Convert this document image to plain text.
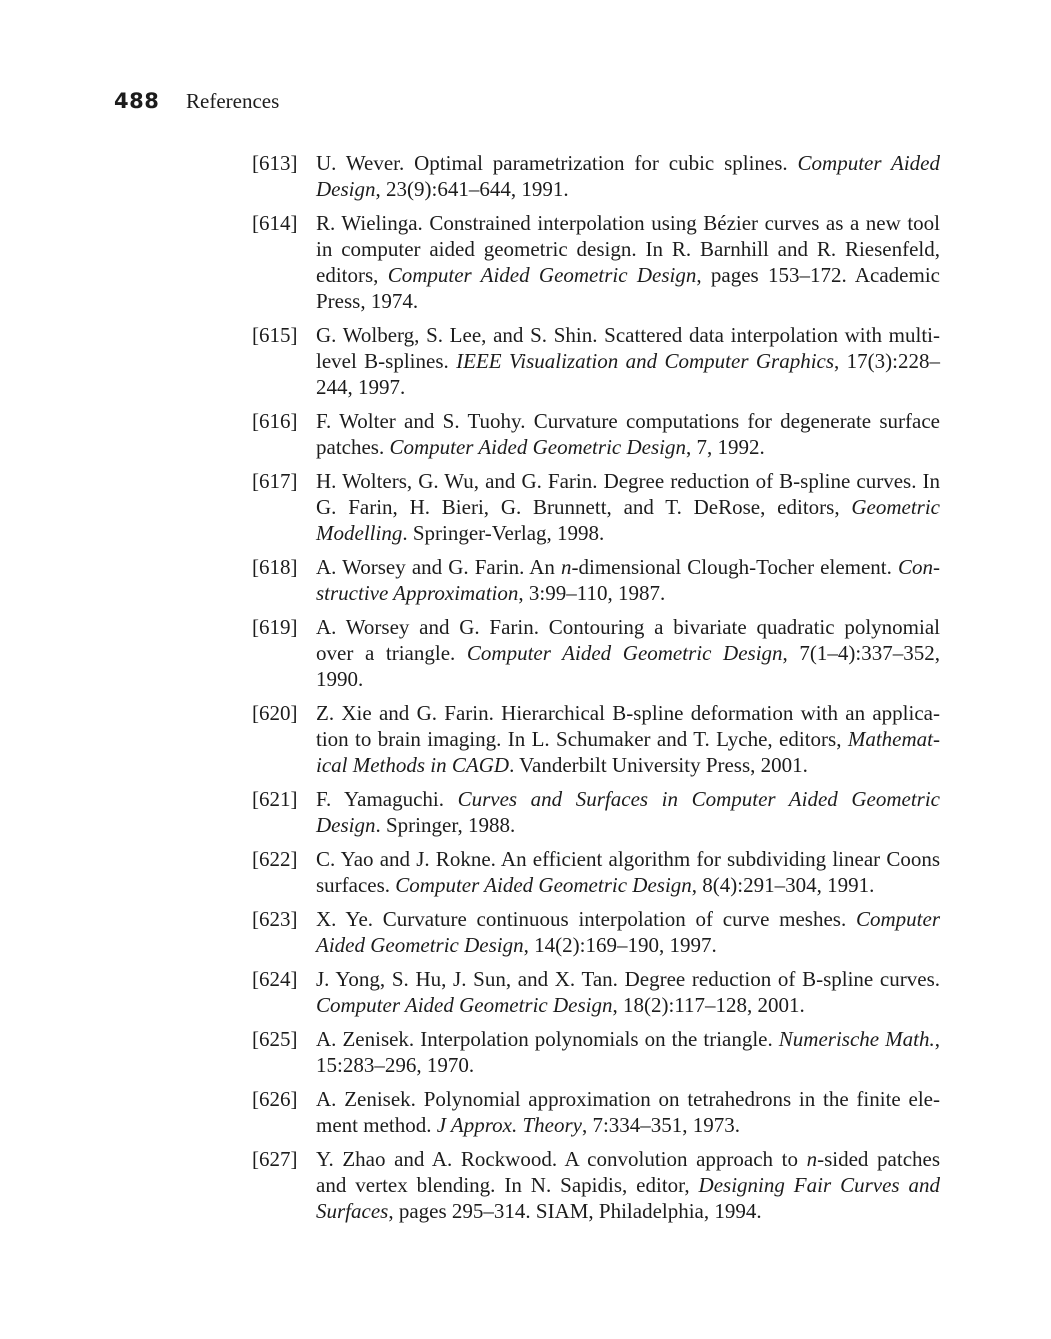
488	References
[613] U. Wever. Optimal parametrization for cubic splines. Computer Aided Design, 23(9):641–644, 1991.
[614] R. Wielinga. Constrained interpolation using Bézier curves as a new tool in computer aided geometric design. In R. Barnhill and R. Riesenfeld, editors, Computer Aided Geometric Design, pages 153–172. Academic Press, 1974.
[615] G. Wolberg, S. Lee, and S. Shin. Scattered data interpolation with multilevel B-splines. IEEE Visualization and Computer Graphics, 17(3):228–244, 1997.
[616] F. Wolter and S. Tuohy. Curvature computations for degenerate surface patches. Computer Aided Geometric Design, 7, 1992.
[617] H. Wolters, G. Wu, and G. Farin. Degree reduction of B-spline curves. In G. Farin, H. Bieri, G. Brunnett, and T. DeRose, editors, Geometric Modelling. Springer-Verlag, 1998.
[618] A. Worsey and G. Farin. An n-dimensional Clough-Tocher element. Constructive Approximation, 3:99–110, 1987.
[619] A. Worsey and G. Farin. Contouring a bivariate quadratic polynomial over a triangle. Computer Aided Geometric Design, 7(1–4):337–352, 1990.
[620] Z. Xie and G. Farin. Hierarchical B-spline deformation with an application to brain imaging. In L. Schumaker and T. Lyche, editors, Mathematical Methods in CAGD. Vanderbilt University Press, 2001.
[621] F. Yamaguchi. Curves and Surfaces in Computer Aided Geometric Design. Springer, 1988.
[622] C. Yao and J. Rokne. An efficient algorithm for subdividing linear Coons surfaces. Computer Aided Geometric Design, 8(4):291–304, 1991.
[623] X. Ye. Curvature continuous interpolation of curve meshes. Computer Aided Geometric Design, 14(2):169–190, 1997.
[624] J. Yong, S. Hu, J. Sun, and X. Tan. Degree reduction of B-spline curves. Computer Aided Geometric Design, 18(2):117–128, 2001.
[625] A. Zenisek. Interpolation polynomials on the triangle. Numerische Math., 15:283–296, 1970.
[626] A. Zenisek. Polynomial approximation on tetrahedrons in the finite element method. J Approx. Theory, 7:334–351, 1973.
[627] Y. Zhao and A. Rockwood. A convolution approach to n-sided patches and vertex blending. In N. Sapidis, editor, Designing Fair Curves and Surfaces, pages 295–314. SIAM, Philadelphia, 1994.
